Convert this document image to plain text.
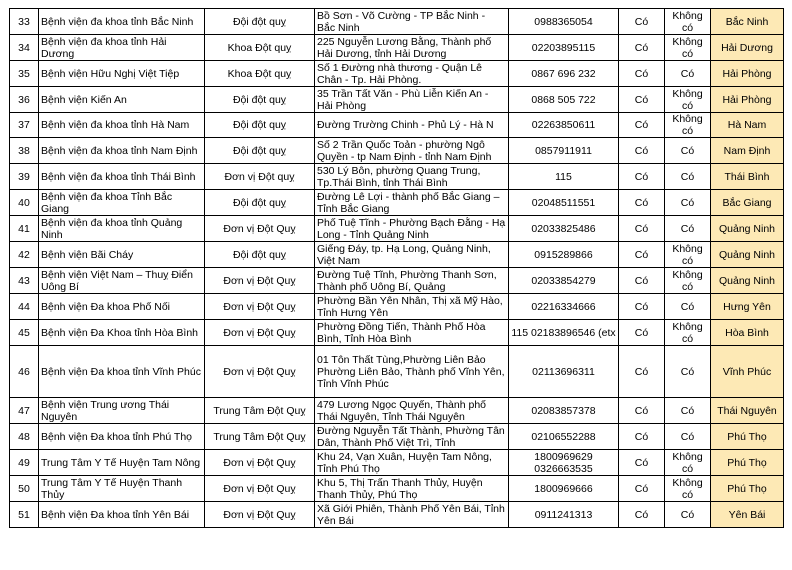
33	Bệnh viện đa khoa tỉnh Bắc Ninh	Đội đột quỵ	Bồ Sơn - Võ Cường - TP Bắc Ninh - Bắc Ninh	0988365054	Có	Không có	Bắc Ninh
34	Bệnh viện đa khoa tỉnh Hải Dương	Khoa Đột quỵ	225 Nguyễn Lương Bằng, Thành phố Hải Dương, tỉnh Hải Dương	02203895115	Có	Không có	Hải Dương
35	Bệnh viện Hữu Nghị Việt Tiệp	Khoa Đột quỵ	Số 1 Đường nhà thương - Quận Lê Chân - Tp. Hải Phòng.	0867 696 232	Có	Có	Hải Phòng
36	Bệnh viện Kiến An	Đội đột quỵ	35 Trần Tất Văn - Phù Liễn Kiến An - Hải Phòng	0868 505 722	Có	Không có	Hải Phòng
37	Bệnh viện đa khoa tỉnh Hà Nam	Đội đột quỵ	Đường Trường Chinh - Phủ Lý - Hà N	02263850611	Có	Không có	Hà Nam
38	Bệnh viện đa khoa tỉnh Nam Định	Đội đột quỵ	Số 2 Trần Quốc Toản - phường Ngô Quyền - tp Nam Định - tỉnh Nam Định	0857911911	Có	Có	Nam Định
39	Bệnh viện đa khoa tỉnh Thái Bình	Đơn vị Đột quỵ	530 Lý Bôn, phường Quang Trung, Tp.Thái Bình, tỉnh Thái Bình	115	Có	Có	Thái Bình
40	Bệnh viện đa khoa Tỉnh Bắc Giang	Đội đột quỵ	Đường Lê Lợi - thành phố Bắc Giang – Tỉnh Bắc Giang	02048511551	Có	Có	Bắc Giang
41	Bệnh viện đa khoa tỉnh Quảng Ninh	Đơn vị Đột Quỵ	Phố Tuệ Tĩnh - Phường Bạch Đằng - Hạ Long - Tỉnh Quảng Ninh	02033825486	Có	Có	Quảng Ninh
42	Bệnh viện Bãi Cháy	Đội đột quỵ	Giếng Đáy, tp. Hạ Long, Quảng Ninh, Việt Nam	0915289866	Có	Không có	Quảng Ninh
43	Bệnh viện Việt Nam – Thuỵ Điển Uông Bí	Đơn vị Đột Quỵ	Đường Tuệ Tĩnh, Phường Thanh Sơn, Thành phố Uông Bí, Quảng	02033854279	Có	Không có	Quảng Ninh
44	Bệnh viện Đa khoa Phố Nối	Đơn vị Đột Quỵ	Phường Bần Yên Nhân, Thị xã Mỹ Hào, Tỉnh Hưng Yên	02216334666	Có	Có	Hưng Yên
45	Bệnh viện Đa Khoa tỉnh Hòa Bình	Đơn vị Đột Quỵ	Phường Đồng Tiến, Thành Phố Hòa Bình, Tỉnh Hòa Bình	115 02183896546 (etx	Có	Không có	Hòa Bình
46	Bệnh viện Đa khoa tỉnh Vĩnh Phúc	Đơn vị Đột Quỵ	01 Tôn Thất Tùng,Phường Liên Bảo Phường Liên Bảo, Thành phố Vĩnh Yên, Tỉnh Vĩnh Phúc	02113696311	Có	Có	Vĩnh Phúc
47	Bệnh viện Trung ương Thái Nguyên	Trung Tâm Đột Quỵ	479 Lương Ngọc Quyến, Thành phố Thái Nguyên, Tỉnh Thái Nguyên	02083857378	Có	Có	Thái Nguyên
48	Bệnh viện Đa khoa tỉnh Phú Thọ	Trung Tâm Đột Quỵ	Đường Nguyễn Tất Thành, Phường Tân Dân, Thành Phố Việt Trì, Tỉnh	02106552288	Có	Có	Phú Thọ
49	Trung Tâm Y Tế Huyện Tam Nông	Đơn vị Đột Quỵ	Khu 24, Vạn Xuân, Huyện Tam Nông, Tỉnh Phú Thọ	1800969629 0326663535	Có	Không có	Phú Thọ
50	Trung Tâm Y Tế Huyện Thanh Thủy	Đơn vị Đột Quỵ	Khu 5, Thị Trấn Thanh Thủy, Huyện Thanh Thủy, Phú Thọ	1800969666	Có	Không có	Phú Thọ
51	Bệnh viện Đa khoa tỉnh Yên Bái	Đơn vị Đột Quỵ	Xã Giới Phiên, Thành Phố Yên Bái, Tỉnh Yên Bái	0911241313	Có	Có	Yên Bái
